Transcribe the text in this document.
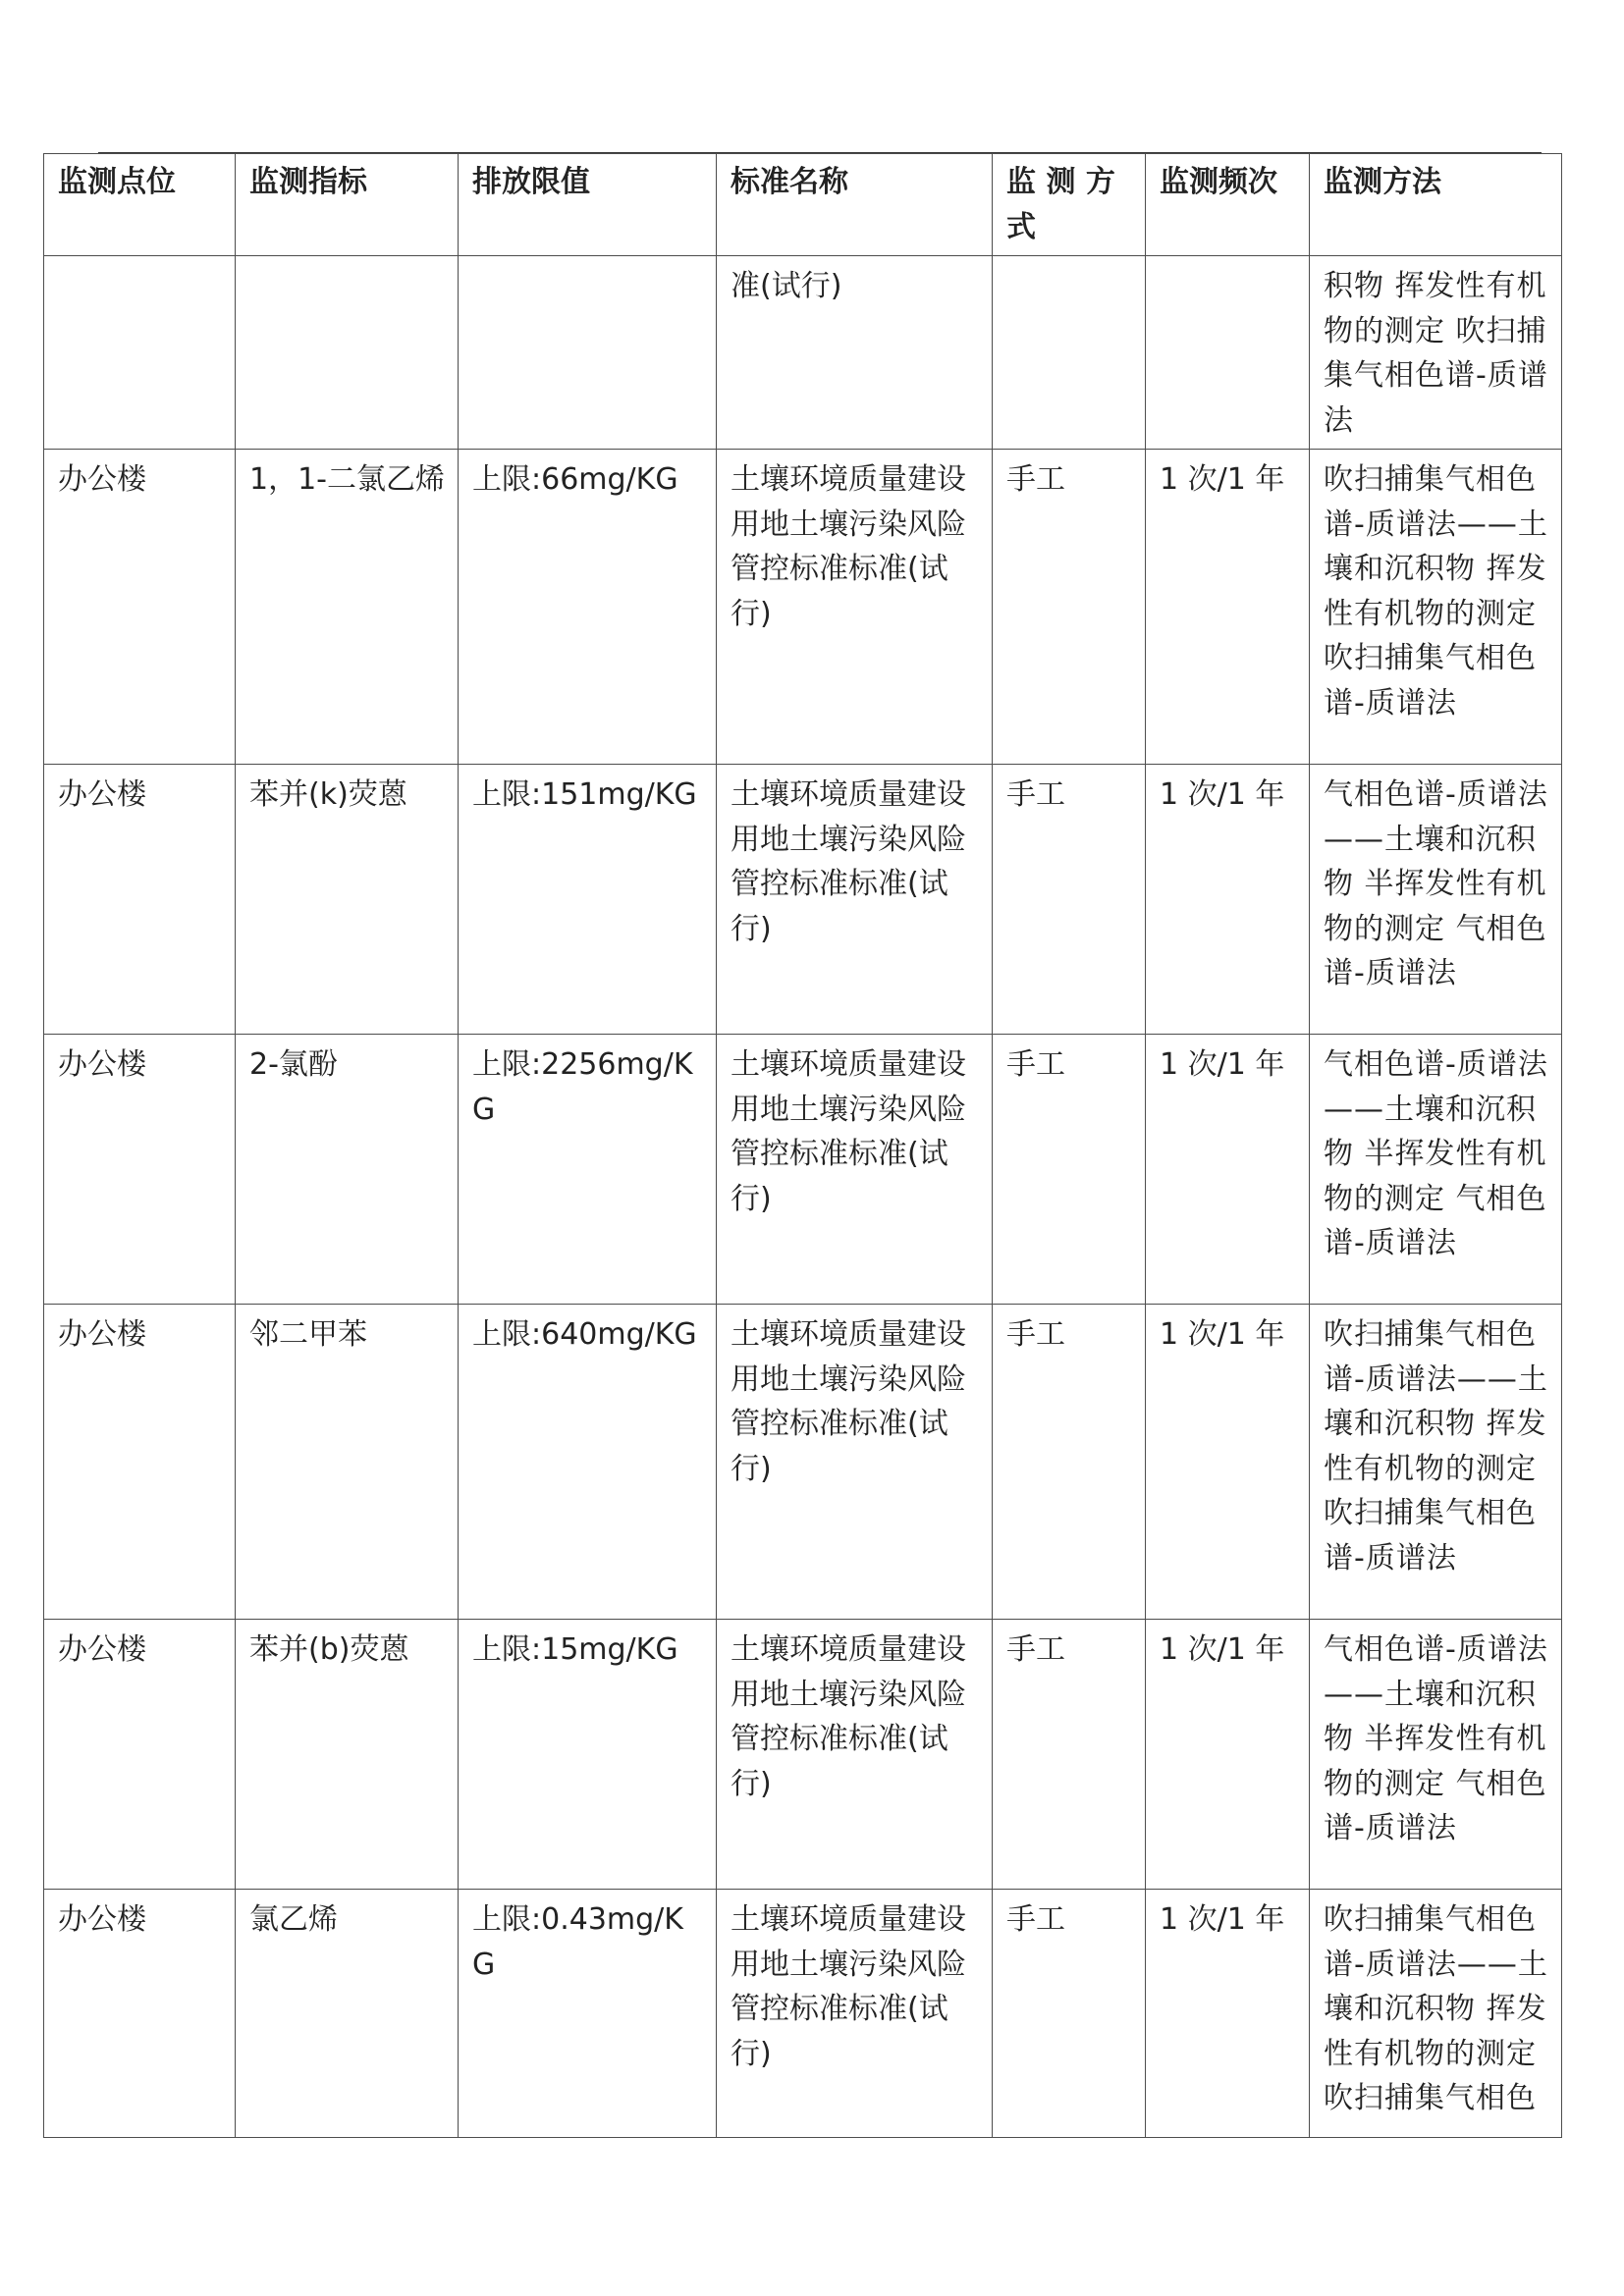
监测点位	监测指标	排放限值	标准名称	监 测 方 式	监测频次	监测方法
			准(试行)			积物 挥发性有机物的测定 吹扫捕集气相色谱-质谱法
办公楼	1，1-二氯乙烯	上限:66mg/KG	土壤环境质量建设用地土壤污染风险管控标准标准(试行)	手工	1 次/1 年	吹扫捕集气相色谱-质谱法——土壤和沉积物 挥发性有机物的测定 吹扫捕集气相色谱-质谱法
办公楼	苯并(k)荧蒽	上限:151mg/KG	土壤环境质量建设用地土壤污染风险管控标准标准(试行)	手工	1 次/1 年	气相色谱-质谱法——土壤和沉积物 半挥发性有机物的测定 气相色谱-质谱法
办公楼	2-氯酚	上限:2256mg/KG	土壤环境质量建设用地土壤污染风险管控标准标准(试行)	手工	1 次/1 年	气相色谱-质谱法——土壤和沉积物 半挥发性有机物的测定 气相色谱-质谱法
办公楼	邻二甲苯	上限:640mg/KG	土壤环境质量建设用地土壤污染风险管控标准标准(试行)	手工	1 次/1 年	吹扫捕集气相色谱-质谱法——土壤和沉积物 挥发性有机物的测定 吹扫捕集气相色谱-质谱法
办公楼	苯并(b)荧蒽	上限:15mg/KG	土壤环境质量建设用地土壤污染风险管控标准标准(试行)	手工	1 次/1 年	气相色谱-质谱法——土壤和沉积物 半挥发性有机物的测定 气相色谱-质谱法
办公楼	氯乙烯	上限:0.43mg/KG	土壤环境质量建设用地土壤污染风险管控标准标准(试行)	手工	1 次/1 年	吹扫捕集气相色谱-质谱法——土壤和沉积物 挥发性有机物的测定 吹扫捕集气相色
